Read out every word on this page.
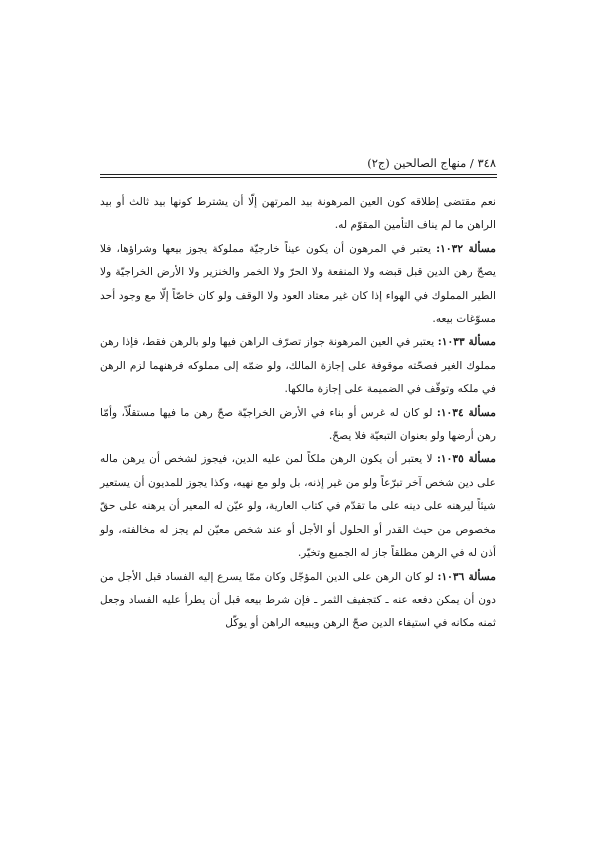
٣٤٨ / منهاج الصالحين (ج٢)

نعم مقتضى إطلاقه كون العين المرهونة بيد المرتهن إلّا أن يشترط كونها بيد ثالث أو بيد الراهن ما لم يناف التأمين المقوّم له.

مسألة ١٠٣٢: يعتبر في المرهون أن يكون عيناً خارجيّة مملوكة يجوز بيعها وشراؤها، فلا يصحّ رهن الدين قبل قبضه ولا المنفعة ولا الحرّ ولا الخمر والخنزير ولا الأرض الخراجيّة ولا الطير المملوك في الهواء إذا كان غير معتاد العود ولا الوقف ولو كان خاصّاً إلّا مع وجود أحد مسوّغات بيعه.

مسألة ١٠٣٣: يعتبر في العين المرهونة جواز تصرّف الراهن فيها ولو بالرهن فقط، فإذا رهن مملوك الغير فصحّته موقوفة على إجازة المالك، ولو ضمّه إلى مملوكه فرهنهما لزم الرهن في ملكه وتوقّف في الضميمة على إجازة مالكها.

مسألة ١٠٣٤: لو كان له غرس أو بناء في الأرض الخراجيّة صحّ رهن ما فيها مستقلّاً، وأمّا رهن أرضها ولو بعنوان التبعيّة فلا يصحّ.

مسألة ١٠٣٥: لا يعتبر أن يكون الرهن ملكاً لمن عليه الدين، فيجوز لشخص أن يرهن ماله على دين شخص آخر تبرّعاً ولو من غير إذنه، بل ولو مع نهيه، وكذا يجوز للمديون أن يستعير شيئاً ليرهنه على دينه على ما تقدّم في كتاب العارية، ولو عيّن له المعير أن يرهنه على حقّ مخصوص من حيث القدر أو الحلول أو الأجل أو عند شخص معيّن لم يجز له مخالفته، ولو أذن له في الرهن مطلقاً جاز له الجميع وتخيّر.

مسألة ١٠٣٦: لو كان الرهن على الدين المؤجّل وكان ممّا يسرع إليه الفساد قبل الأجل من دون أن يمكن دفعه عنه ـ كتجفيف الثمر ـ فإن شرط بيعه قبل أن يطرأ عليه الفساد وجعل ثمنه مكانه في استيفاء الدين صحّ الرهن ويبيعه الراهن أو يوكّل
